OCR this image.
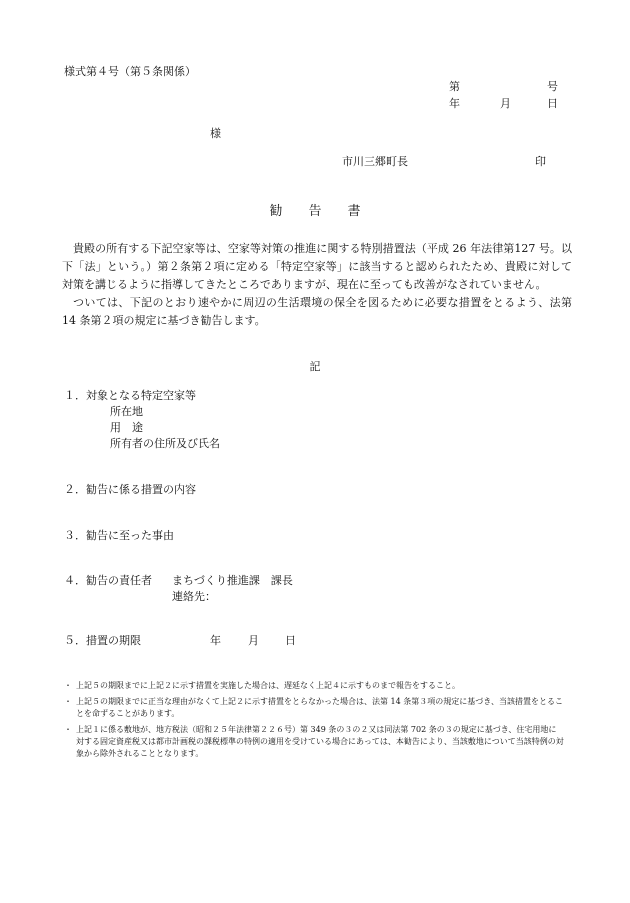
様式第４号（第５条関係）
第	号
年	月	日
様
市川三郷町長	印
勧　　告　　書

貴殿の所有する下記空家等は、空家等対策の推進に関する特別措置法（平成 26 年法律第127 号。以下「法」という。）第２条第２項に定める「特定空家等」に該当すると認められたため、貴殿に対して対策を講じるように指導してきたところでありますが、現在に至っても改善がなされていません。

ついては、下記のとおり速やかに周辺の生活環境の保全を図るために必要な措置をとるよう、法第 14 条第２項の規定に基づき勧告します。

記
１．対象となる特定空家等
所在地
用　途
所有者の住所及び氏名
２．勧告に係る措置の内容
３．勧告に至った事由
４．勧告の責任者 まちづくり推進課　課長
連絡先：
５．措置の期限	年 月 日
・ 上記５の期限までに上記２に示す措置を実施した場合は、遅延なく上記４に示すものまで報告をすること。
・ 上記５の期限までに正当な理由がなくて上記２に示す措置をとらなかった場合は、法第 14 条第３項の規定に基づき、当該措置をとることを命ずることがあります。
・ 上記１に係る敷地が、地方税法（昭和２５年法律第２２６号）第 349 条の３の２又は同法第 702 条の３の規定に基づき、住宅用地に対する固定資産税又は都市計画税の課税標準の特例の適用を受けている場合にあっては、本勧告により、当該敷地について当該特例の対象から除外されることとなります。
